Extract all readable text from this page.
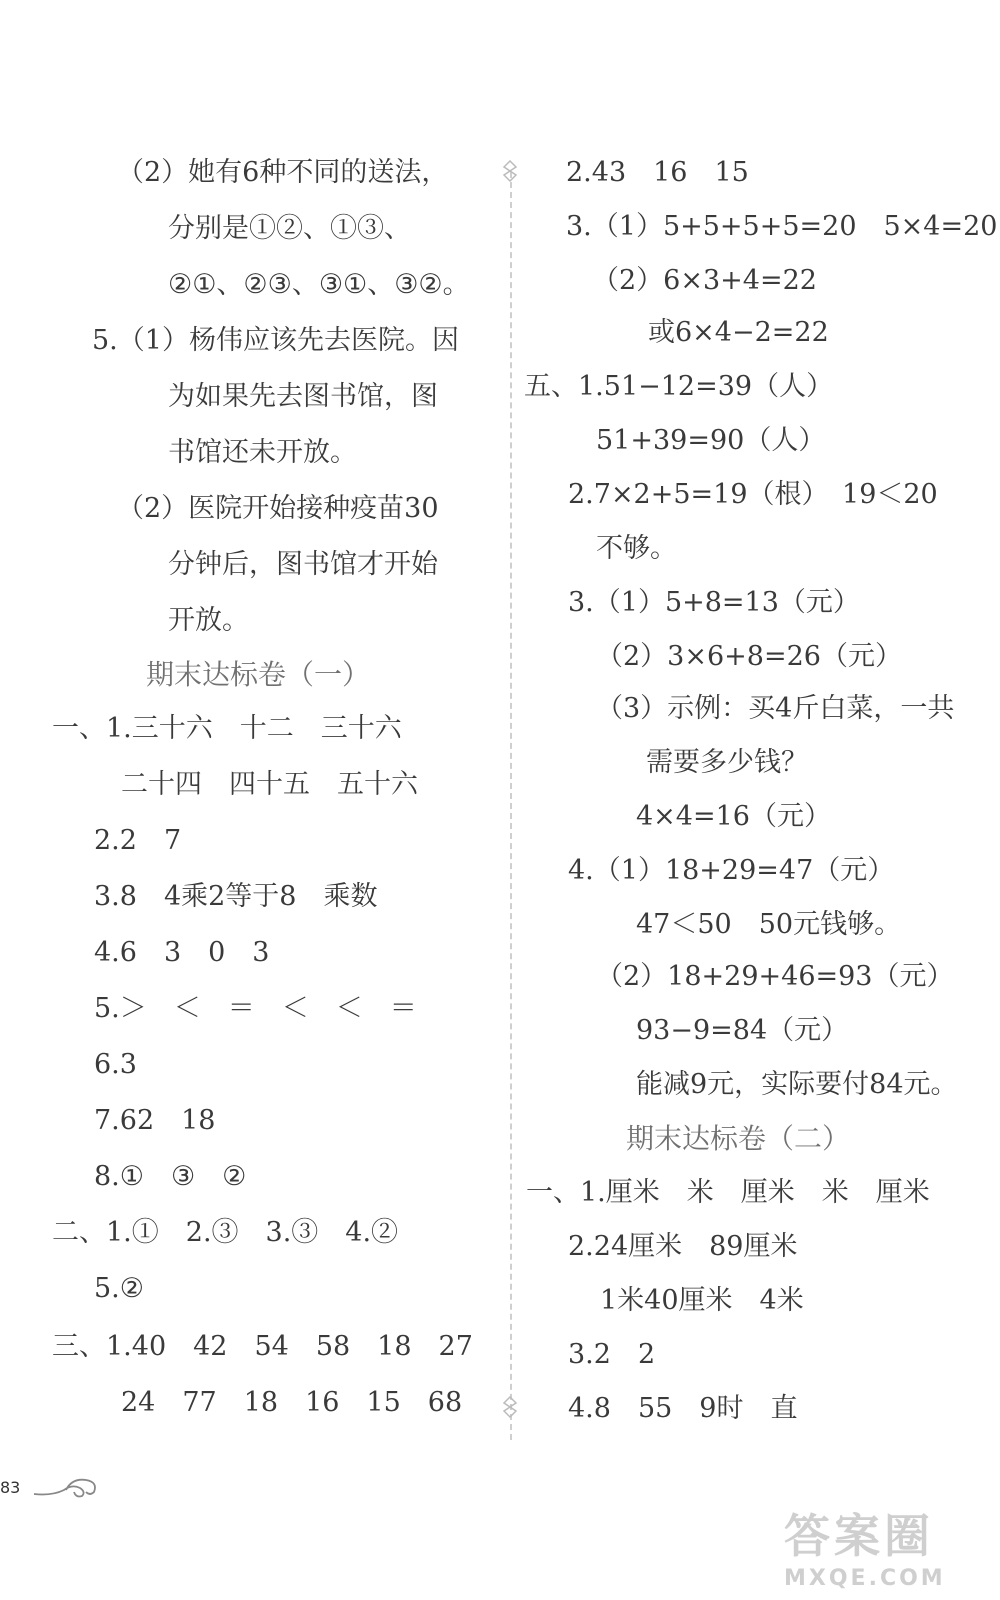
（2）她有6种不同的送法，
分别是①②、①③、
②①、②③、③①、③②。
5.（1）杨伟应该先去医院。因
为如果先去图书馆，图
书馆还未开放。
（2）医院开始接种疫苗30
分钟后，图书馆才开始
开放。
一、1.三十六　十二　三十六
二十四　四十五　五十六
2.2　7
3.8　4乘2等于8　乘数
4.6　3　0　3
5.＞　＜　＝　＜　＜　＝
6.3
7.62　18
8.①　③　②
二、1.①　2.③　3.③　4.②
5.②
三、1.40　42　54　58　18　27
24　77　18　16　15　68
期末达标卷（一）
2.43　16　15
3.（1）5+5+5+5=20　5×4=20
（2）6×3+4=22
或6×4−2=22
五、1.51−12=39（人）
51+39=90（人）
2.7×2+5=19（根）　19＜20
不够。
3.（1）5+8=13（元）
（2）3×6+8=26（元）
（3）示例：买4斤白菜，一共
需要多少钱？
4×4=16（元）
4.（1）18+29=47（元）
47＜50　50元钱够。
（2）18+29+46=93（元）
93−9=84（元）
能减9元，实际要付84元。
一、1.厘米　米　厘米　米　厘米
2.24厘米　89厘米
1米40厘米　4米
3.2　2
4.8　55　9时　直
期末达标卷（二）
83
答案圈
MXQE.COM
